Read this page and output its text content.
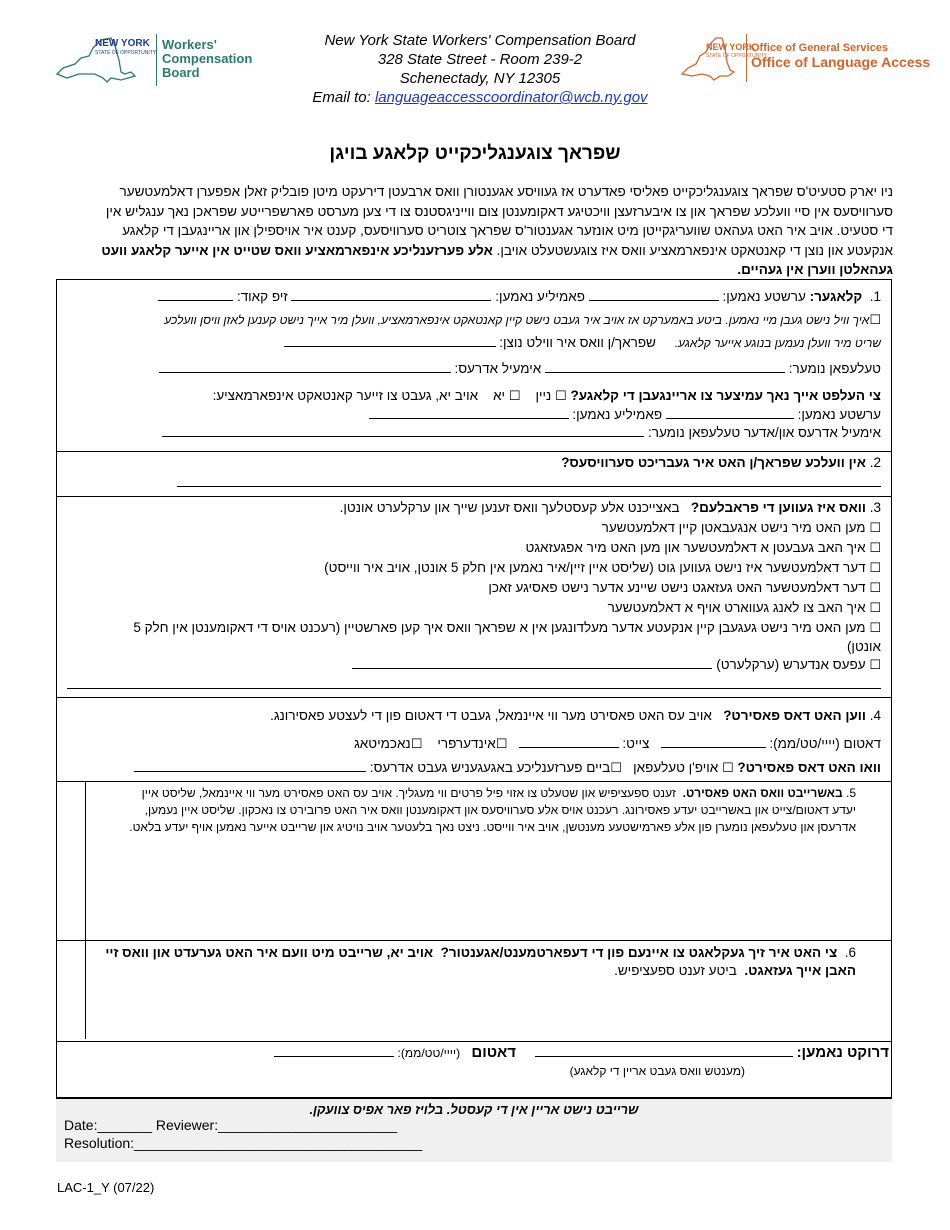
NEW YORK
STATE OF OPPORTUNITY.
Workers'
Compensation
Board
New York State Workers' Compensation Board
328 State Street - Room 239-2
Schenectady, NY 12305
Email to: languageaccesscoordinator@wcb.ny.gov
NEW YORK
STATE OF OPPORTUNITY.
Office of General Services
Office of Language Access
שפראך צוגענגליכקייט קלאגע בויגן
ניו יארק סטעיט'ס שפראך צוגענגליכקייט פאליסי פאדערט אז געוויסע אגענטורן וואס ארבעטן דירעקט מיטן פובליק זאלן אפפערן דאלמעטשער
סערוויסעס אין סיי וועלכע שפראך און צו איבערזעצן וויכטיגע דאקומענטן צום ווייניגסטנס צו די צען מערסט פארשפרייטע שפראכן נאך ענגליש אין
די סטעיט. אויב איר האט געהאט שוועריגקייטן מיט אונזער אגענטור'ס שפראך צוטריט סערוויסעס, קענט איר אויספילן און אריינגעבן די קלאגע
אנקעטע און נוצן די קאנטאקט אינפארמאציע וואס איז צוגעשטעלט אויבן. אלע פערזענליכע אינפארמאציע וואס שטייט אין אייער קלאגע וועט
געהאלטן ווערן אין געהיים.
1.  קלאגער: ערשטע נאמען:  פאמיליע נאמען:  זיפ קאוד:
☐איך וויל נישט געבן מיי נאמען. ביטע באמערקט אז אויב איר געבט נישט קיין קאנטאקט אינפארמאציע, וועלן מיר אייך נישט קענען לאזן וויסן וועלכע
שריט מיר וועלן נעמען בנוגע אייער קלאגע.     שפראך/ן וואס איר ווילט נוצן:
טעלעפאן נומער:  אימעיל אדרעס:
צי העלפט אייך נאך עמיצער צו אריינגעבן די קלאגע? ☐ ניין    ☐ יא    אויב יא, געבט צו זייער קאנטאקט אינפארמאציע:
ערשטע נאמען:  פאמיליע נאמען:
אימעיל אדרעס און/אדער טעלעפאן נומער:
2. אין וועלכע שפראך/ן האט איר געבריכט סערוויסעס?
3. וואס איז געווען די פראבלעם?   באצייכנט אלע קעסטלעך וואס זענען שייך און ערקלערט אונטן.
☐ מען האט מיר נישט אנגעבאטן קיין דאלמעטשער
☐ איך האב געבעטן א דאלמעטשער און מען האט מיר אפגעזאגט
☐ דער דאלמעטשער איז נישט געווען גוט (שליסט איין זיין/איר נאמען אין חלק 5 אונטן, אויב איר ווייסט)
☐ דער דאלמעטשער האט געזאגט נישט שיינע אדער נישט פאסיגע זאכן
☐ איך האב צו לאנג געווארט אויף א דאלמעטשער
☐ מען האט מיר נישט געגעבן קיין אנקעטע אדער מעלדונגען אין א שפראך וואס איך קען פארשטיין (רעכנט אויס די דאקומענטן אין חלק 5
אונטן)
☐ עפעס אנדערש (ערקלערט)
4. ווען האט דאס פאסירט?   אויב עס האט פאסירט מער ווי איינמאל, געבט די דאטום פון די לעצטע פאסירונג.
דאטום (יייי/טט/ממ):    צייט:    ☐אינדערפרי    ☐נאכמיטאג
וואו האט דאס פאסירט? ☐ אויפ'ן טעלעפאן   ☐ביים פערזענליכע באגעגעניש געבט אדרעס:
5. באשרייבט וואס האט פאסירט.  זענט ספעציפיש און שטעלט צו אזוי פיל פרטים ווי מעגליך. אויב עס האט פאסירט מער ווי איינמאל, שליסט איין
יעדע דאטום/צייט און באשרייבט יעדע פאסירונג. רעכנט אויס אלע סערוויסעס און דאקומענטן וואס איר האט פרובירט צו נאכקון. שליסט איין נעמען,
אדרעסן און טעלעפאן נומערן פון אלע פארמישטעע מענטשן, אויב איר ווייסט. ניצט נאך בלעטער אויב נויטיג און שרייבט אייער נאמען אויף יעדע בלאט.
6.  צי האט איר זיך געקלאגט צו איינעם פון די דעפארטמענט/אגענטור?  אויב יא, שרייבט מיט וועם איר האט גערעדט און וואס זיי
האבן אייך געזאגט.  ביטע זענט ספעציפיש.
דרוקט נאמען:      דאטום   (יייי/טט/ממ):
(מענטש וואס געבט אריין די קלאגע)
שרייבט נישט אריין אין די קעסטל. בלויז פאר אפיס צוועקן.
Date:_______ Reviewer:_______________________
Resolution:_____________________________________
LAC-1_Y (07/22)
